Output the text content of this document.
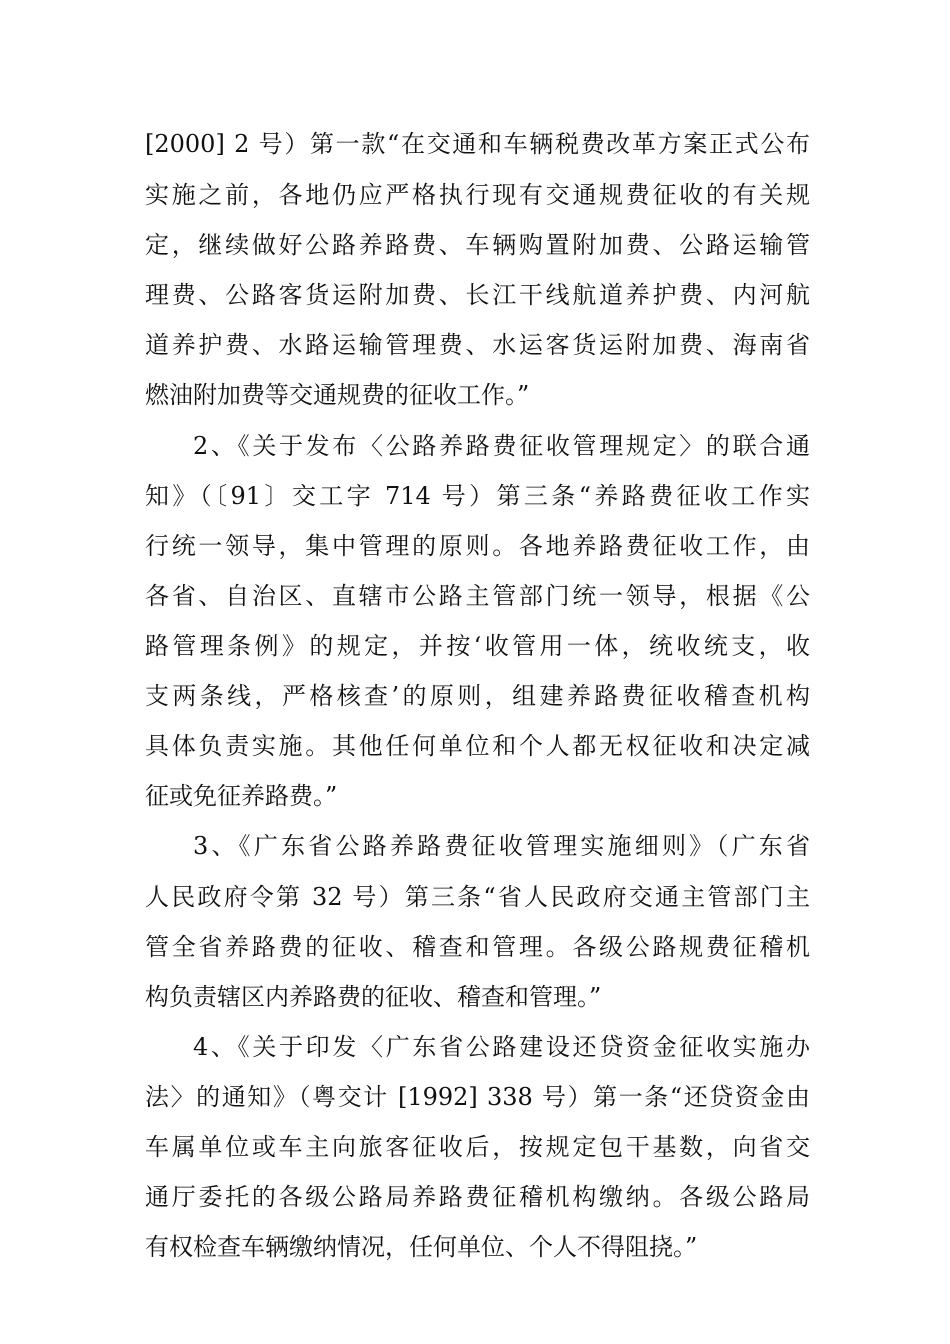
[2000] 2 号）第一款“在交通和车辆税费改革方案正式公布
实施之前，各地仍应严格执行现有交通规费征收的有关规
定，继续做好公路养路费、车辆购置附加费、公路运输管
理费、公路客货运附加费、长江干线航道养护费、内河航
道养护费、水路运输管理费、水运客货运附加费、海南省
燃油附加费等交通规费的征收工作。”
2、《关于发布〈公路养路费征收管理规定〉的联合通
知》（〔91〕交工字 714 号）第三条“养路费征收工作实
行统一领导，集中管理的原则。各地养路费征收工作，由
各省、自治区、直辖市公路主管部门统一领导，根据《公
路管理条例》的规定，并按‘收管用一体，统收统支，收
支两条线，严格核查’的原则，组建养路费征收稽查机构
具体负责实施。其他任何单位和个人都无权征收和决定减
征或免征养路费。”
3、《广东省公路养路费征收管理实施细则》（广东省
人民政府令第 32 号）第三条“省人民政府交通主管部门主
管全省养路费的征收、稽查和管理。各级公路规费征稽机
构负责辖区内养路费的征收、稽查和管理。”
4、《关于印发〈广东省公路建设还贷资金征收实施办
法〉的通知》（粤交计 [1992] 338 号）第一条“还贷资金由
车属单位或车主向旅客征收后，按规定包干基数，向省交
通厅委托的各级公路局养路费征稽机构缴纳。各级公路局
有权检查车辆缴纳情况，任何单位、个人不得阻挠。”
